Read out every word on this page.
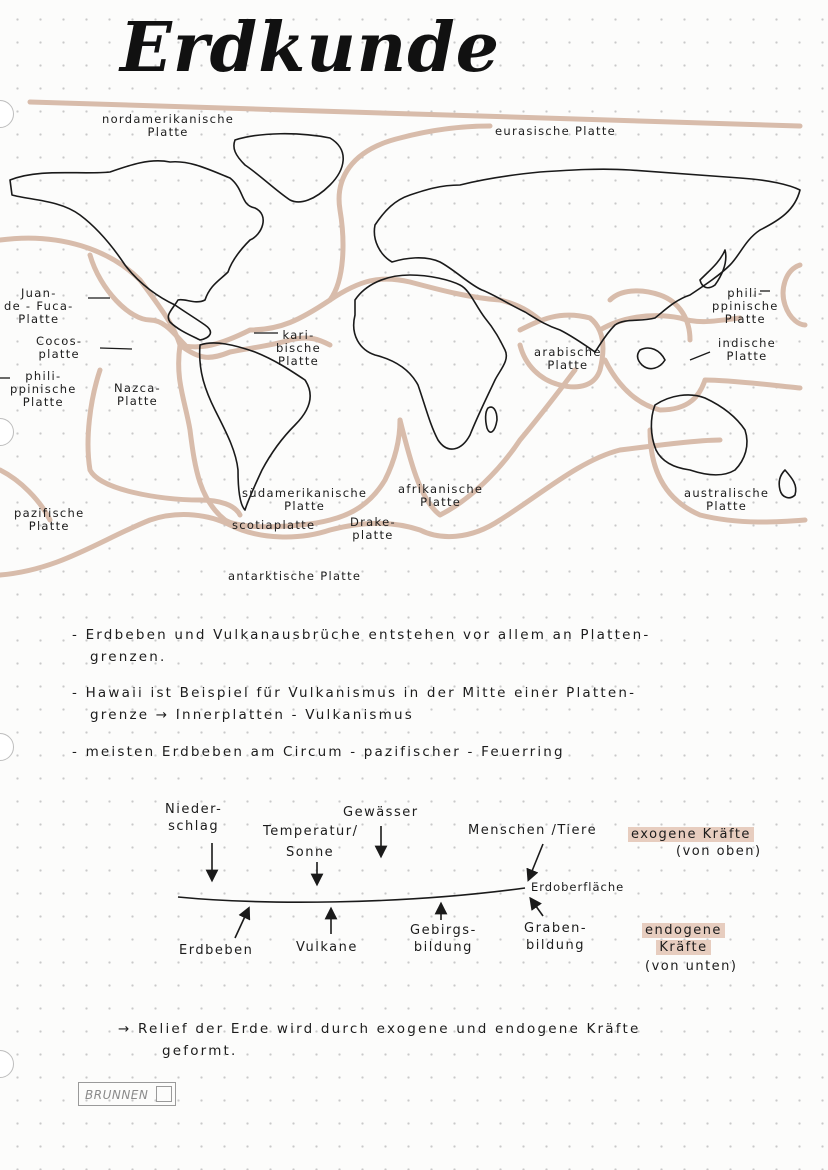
Erdkunde
nordamerikanische
Platte	eurasische Platte
Juan-
de - Fuca-
Platte
Cocos-
platte
phili-
ppinische
Platte
Nazca-
Platte
kari-
bische
Platte
arabische
Platte
phili-
ppinische
Platte
indische
Platte
pazifische
Platte
südamerikanische
Platte
afrikanische
Platte
australische
Platte
scotiaplatte	Drake-
platte
antarktische Platte
- Erdbeben und Vulkanausbrüche entstehen vor allem an Platten-
grenzen.
- Hawaii ist Beispiel für Vulkanismus in der Mitte einer Platten-
grenze → Innerplatten - Vulkanismus
- meisten Erdbeben am Circum - pazifischer - Feuerring
Nieder-
schlag	Temperatur/
Sonne
Gewässer
Menschen /Tiere	exogene Kräfte
(von oben)
Erdoberfläche
Erdbeben	Vulkane
Gebirgs-
bildung
Graben-
bildung
endogene
Kräfte
(von unten)
→ Relief der Erde wird durch exogene und endogene Kräfte
geformt.
BRUNNEN
